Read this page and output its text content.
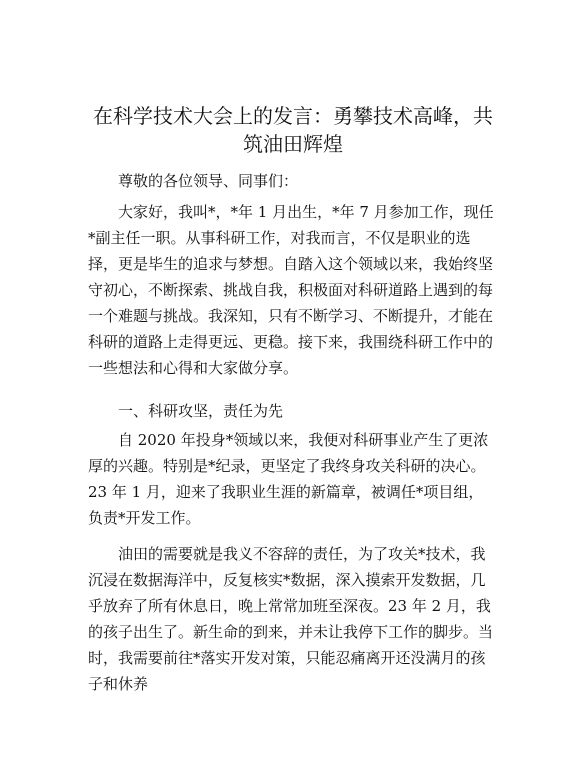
在科学技术大会上的发言：勇攀技术高峰，共筑油田辉煌

尊敬的各位领导、同事们：

大家好，我叫*，*年 1 月出生，*年 7 月参加工作，现任*副主任一职。从事科研工作，对我而言，不仅是职业的选择，更是毕生的追求与梦想。自踏入这个领域以来，我始终坚守初心，不断探索、挑战自我，积极面对科研道路上遇到的每一个难题与挑战。我深知，只有不断学习、不断提升，才能在科研的道路上走得更远、更稳。接下来，我围绕科研工作中的一些想法和心得和大家做分享。

一、科研攻坚，责任为先

自 2020 年投身*领域以来，我便对科研事业产生了更浓厚的兴趣。特别是*纪录，更坚定了我终身攻关科研的决心。23 年 1 月，迎来了我职业生涯的新篇章，被调任*项目组，负责*开发工作。

油田的需要就是我义不容辞的责任，为了攻关*技术，我沉浸在数据海洋中，反复核实*数据，深入摸索开发数据，几乎放弃了所有休息日，晚上常常加班至深夜。23 年 2 月，我的孩子出生了。新生命的到来，并未让我停下工作的脚步。当时，我需要前往*落实开发对策，只能忍痛离开还没满月的孩子和休养
